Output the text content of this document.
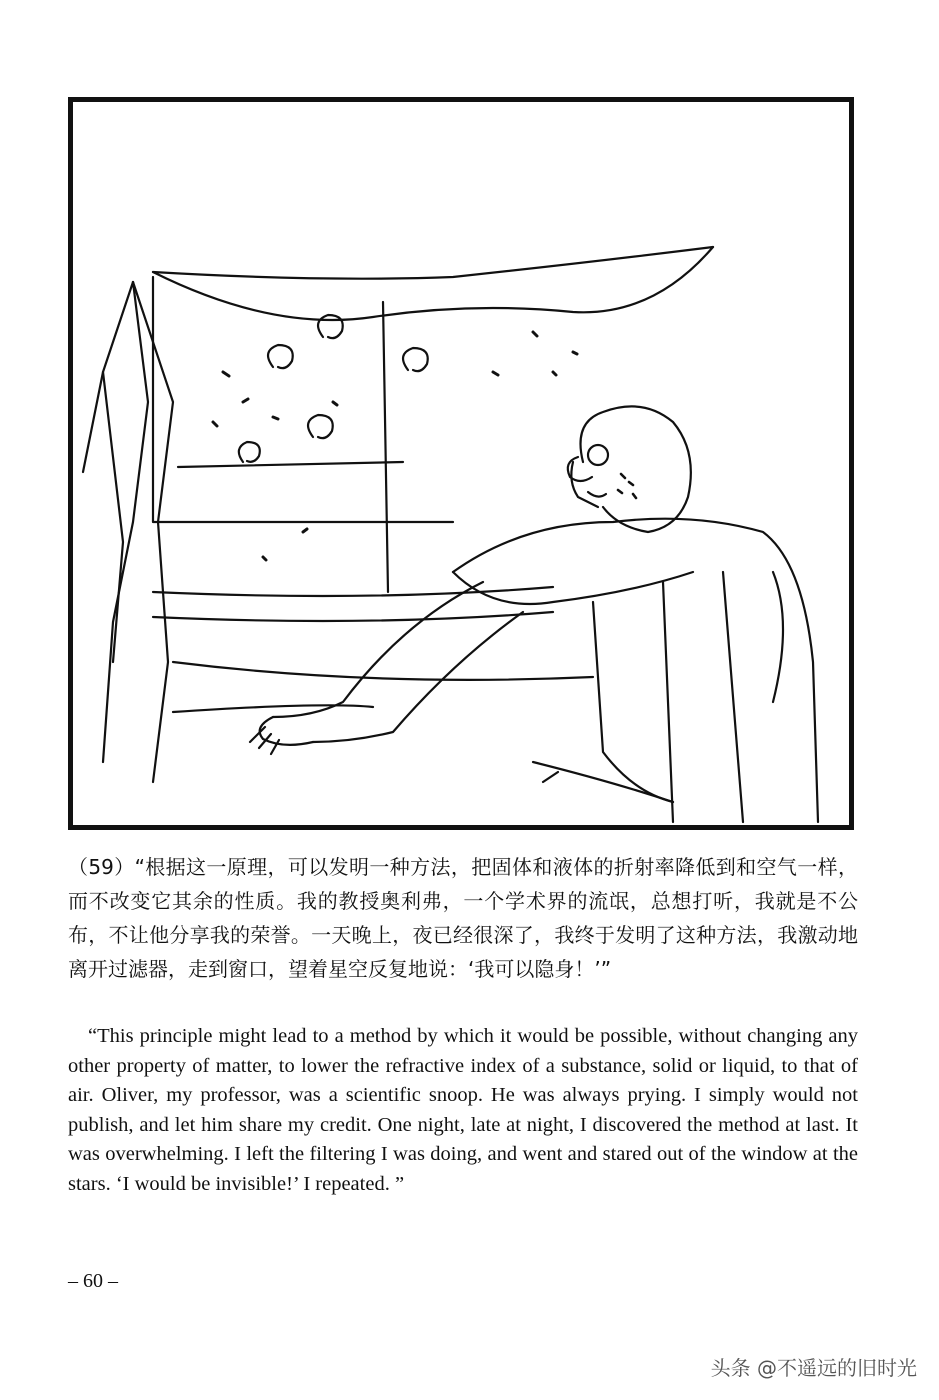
（59）“根据这一原理，可以发明一种方法，把固体和液体的折射率降低到和空气一样，而不改变它其余的性质。我的教授奥利弗，一个学术界的流氓，总想打听，我就是不公布，不让他分享我的荣誉。一天晚上，夜已经很深了，我终于发明了这种方法，我激动地离开过滤器，走到窗口，望着星空反复地说：‘我可以隐身！’”

“This principle might lead to a method by which it would be possible, without changing any other property of matter, to lower the refractive index of a substance, solid or liquid, to that of air. Oliver, my professor, was a scientific snoop. He was always prying. I simply would not publish, and let him share my credit. One night, late at night, I discovered the method at last. It was overwhelming. I left the filtering I was doing, and went and stared out of the window at the stars. ‘I would be invisible!’ I repeated. ”

– 60 –
头条 @不遥远的旧时光
